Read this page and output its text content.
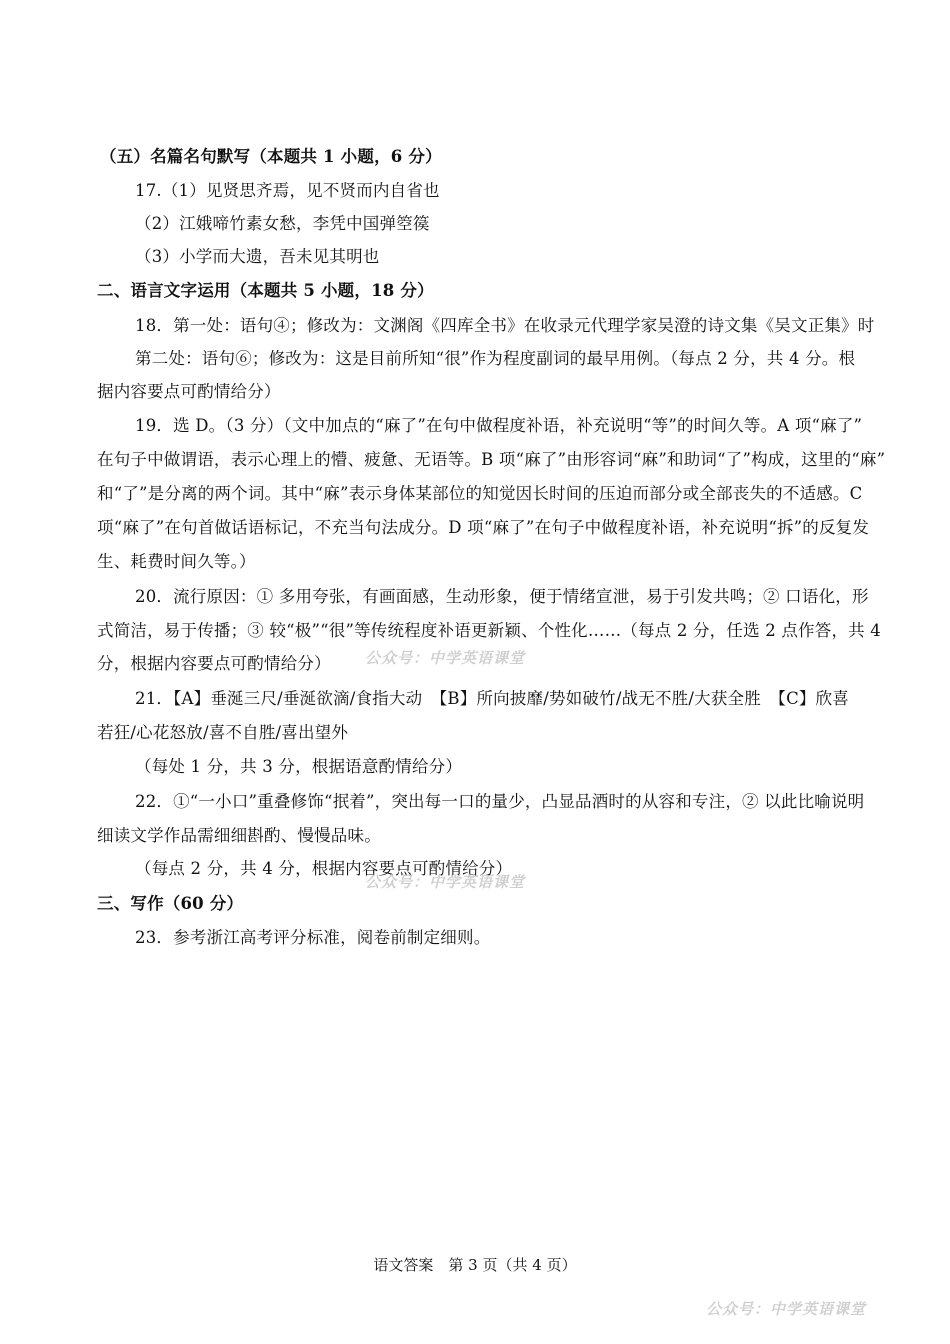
（五）名篇名句默写（本题共 1 小题，6 分）
17.（1）见贤思齐焉，见不贤而内自省也
（2）江娥啼竹素女愁，李凭中国弹箜篌
（3）小学而大遗，吾未见其明也
二、语言文字运用（本题共 5 小题，18 分）
18．第一处：语句④；修改为：文渊阁《四库全书》在收录元代理学家吴澄的诗文集《吴文正集》时
第二处：语句⑥；修改为：这是目前所知“很”作为程度副词的最早用例。（每点 2 分，共 4 分。根
据内容要点可酌情给分）
19．选 D。（3 分）（文中加点的“麻了”在句中做程度补语，补充说明“等”的时间久等。A 项“麻了”
在句子中做谓语，表示心理上的懵、疲惫、无语等。B 项“麻了”由形容词“麻”和助词“了”构成，这里的“麻”
和“了”是分离的两个词。其中“麻”表示身体某部位的知觉因长时间的压迫而部分或全部丧失的不适感。C
项“麻了”在句首做话语标记，不充当句法成分。D 项“麻了”在句子中做程度补语，补充说明“拆”的反复发
生、耗费时间久等。）
20．流行原因：① 多用夸张，有画面感，生动形象，便于情绪宣泄，易于引发共鸣；② 口语化，形
式简洁，易于传播；③ 较“极”“很”等传统程度补语更新颖、个性化……（每点 2 分，任选 2 点作答，共 4
分，根据内容要点可酌情给分） 公众号：中学英语课堂
21．【A】垂涎三尺/垂涎欲滴/食指大动　【B】所向披靡/势如破竹/战无不胜/大获全胜　【C】欣喜
若狂/心花怒放/喜不自胜/喜出望外
（每处 1 分，共 3 分，根据语意酌情给分）
22．①“一小口”重叠修饰“抿着”，突出每一口的量少，凸显品酒时的从容和专注，② 以此比喻说明
细读文学作品需细细斟酌、慢慢品味。
（每点 2 分，共 4 分，根据内容要点可酌情给分）
公众号：中学英语课堂
三、写作（60 分）
23．参考浙江高考评分标准，阅卷前制定细则。
语文答案　第 3 页（共 4 页）
公众号：中学英语课堂
